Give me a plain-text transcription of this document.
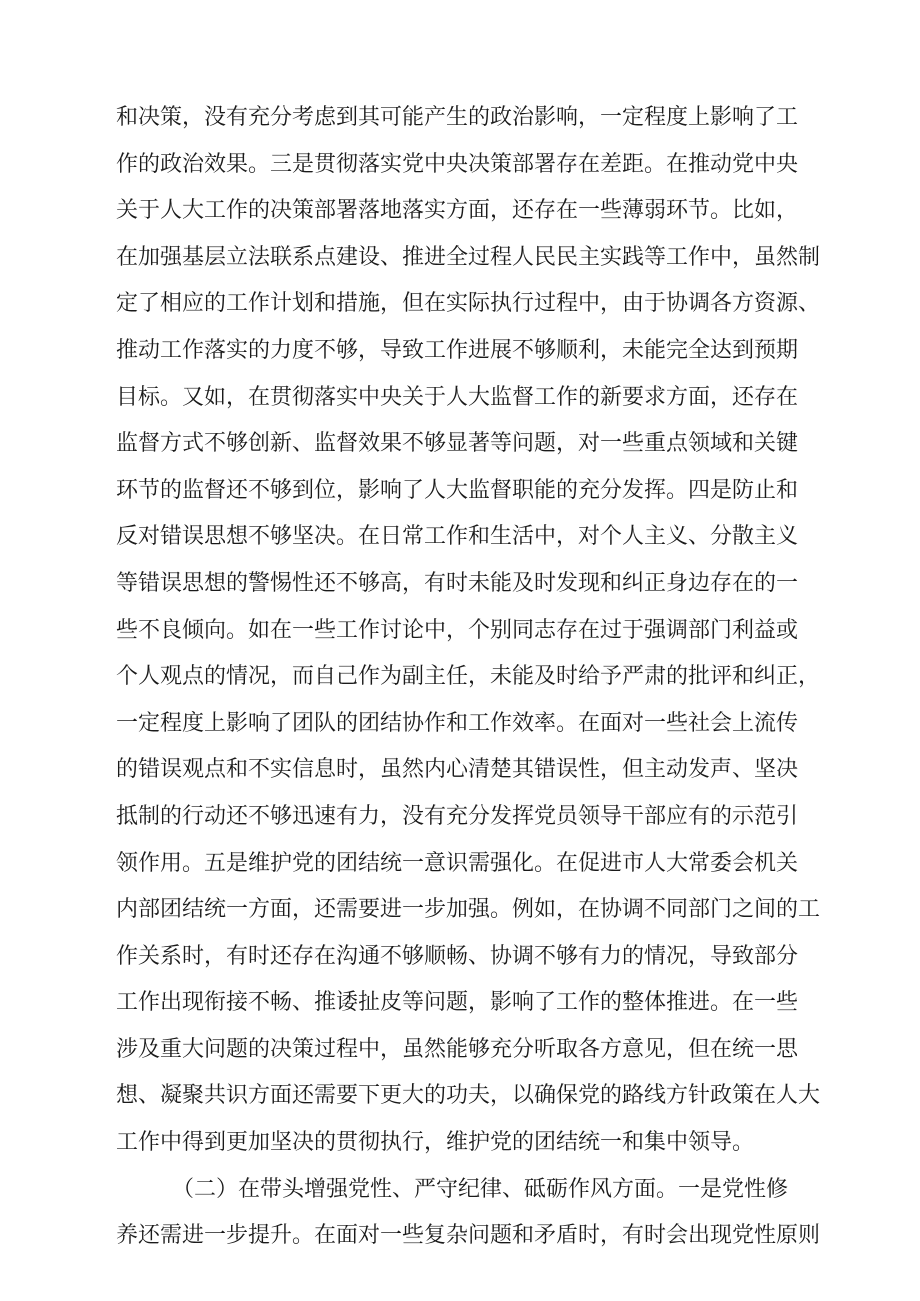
和决策，没有充分考虑到其可能产生的政治影响，一定程度上影响了工
作的政治效果。三是贯彻落实党中央决策部署存在差距。在推动党中央
关于人大工作的决策部署落地落实方面，还存在一些薄弱环节。比如，
在加强基层立法联系点建设、推进全过程人民民主实践等工作中，虽然制
定了相应的工作计划和措施，但在实际执行过程中，由于协调各方资源、
推动工作落实的力度不够，导致工作进展不够顺利，未能完全达到预期
目标。又如，在贯彻落实中央关于人大监督工作的新要求方面，还存在
监督方式不够创新、监督效果不够显著等问题，对一些重点领域和关键
环节的监督还不够到位，影响了人大监督职能的充分发挥。四是防止和
反对错误思想不够坚决。在日常工作和生活中，对个人主义、分散主义
等错误思想的警惕性还不够高，有时未能及时发现和纠正身边存在的一
些不良倾向。如在一些工作讨论中，个别同志存在过于强调部门利益或
个人观点的情况，而自己作为副主任，未能及时给予严肃的批评和纠正，
一定程度上影响了团队的团结协作和工作效率。在面对一些社会上流传
的错误观点和不实信息时，虽然内心清楚其错误性，但主动发声、坚决
抵制的行动还不够迅速有力，没有充分发挥党员领导干部应有的示范引
领作用。五是维护党的团结统一意识需强化。在促进市人大常委会机关
内部团结统一方面，还需要进一步加强。例如，在协调不同部门之间的工
作关系时，有时还存在沟通不够顺畅、协调不够有力的情况，导致部分
工作出现衔接不畅、推诿扯皮等问题，影响了工作的整体推进。在一些
涉及重大问题的决策过程中，虽然能够充分听取各方意见，但在统一思
想、凝聚共识方面还需要下更大的功夫，以确保党的路线方针政策在人大
工作中得到更加坚决的贯彻执行，维护党的团结统一和集中领导。
（二）在带头增强党性、严守纪律、砥砺作风方面。一是党性修
养还需进一步提升。在面对一些复杂问题和矛盾时，有时会出现党性原则
